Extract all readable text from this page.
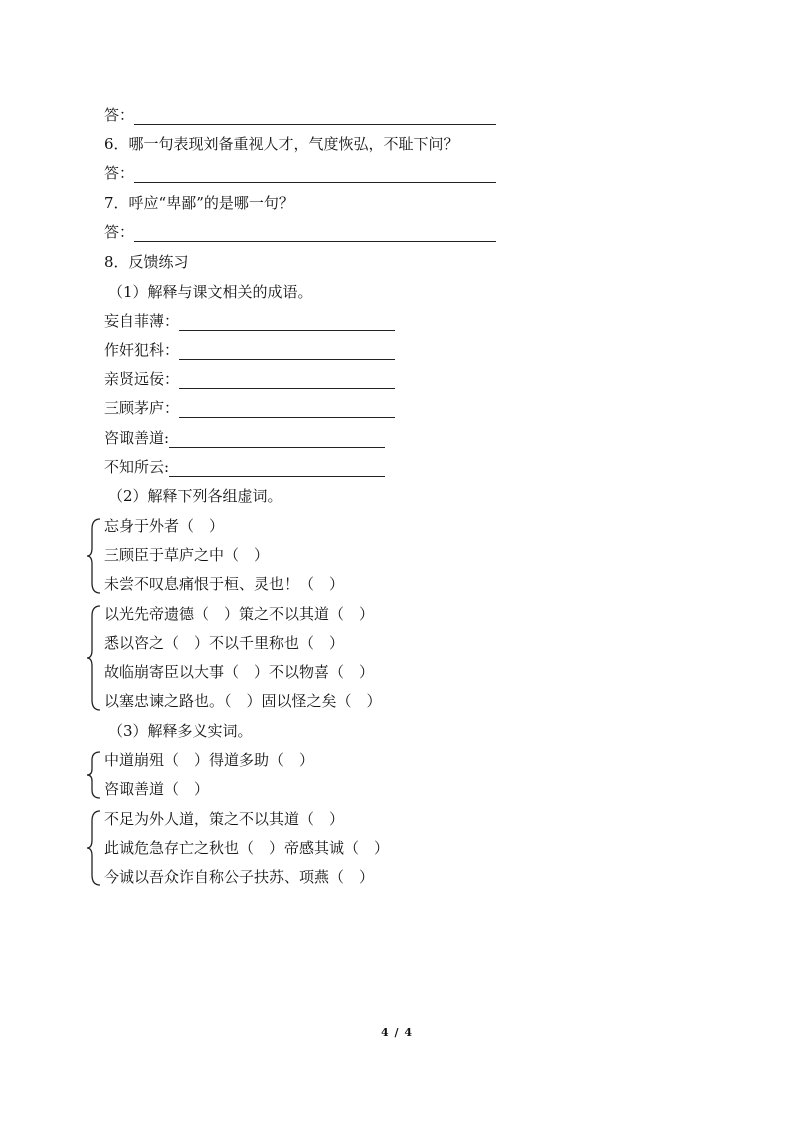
答：
6．哪一句表现刘备重视人才，气度恢弘，不耻下问？
答：
7．呼应“卑鄙”的是哪一句？
答：
8．反馈练习
（1）解释与课文相关的成语。
妄自菲薄：
作奸犯科：
亲贤远佞：
三顾茅庐：
咨诹善道:
不知所云:
（2）解释下列各组虚词。
忘身于外者（　）
三顾臣于草庐之中（　）
未尝不叹息痛恨于桓、灵也！（　）
以光先帝遗德（　）策之不以其道（　）
悉以咨之（　）不以千里称也（　）
故临崩寄臣以大事（　）不以物喜（　）
以塞忠谏之路也。（　）固以怪之矣（　）
（3）解释多义实词。
中道崩殂（　）得道多助（　）
咨诹善道（　）
不足为外人道，策之不以其道（　）
此诚危急存亡之秋也（　）帝感其诚（　）
今诚以吾众诈自称公子扶苏、项燕（　）
4 / 4
